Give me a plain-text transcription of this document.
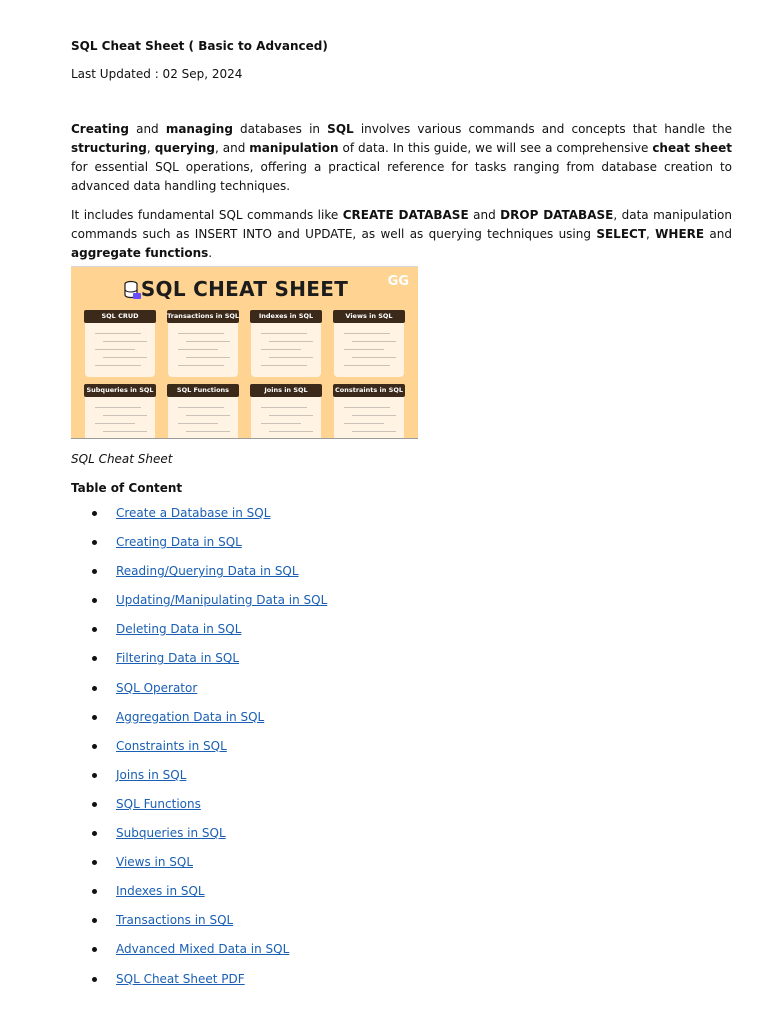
SQL Cheat Sheet ( Basic to Advanced)
Last Updated : 02 Sep, 2024

Creating and managing databases in SQL involves various commands and concepts that handle the structuring, querying, and manipulation of data. In this guide, we will see a comprehensive cheat sheet for essential SQL operations, offering a practical reference for tasks ranging from database creation to advanced data handling techniques.

It includes fundamental SQL commands like CREATE DATABASE and DROP DATABASE, data manipulation commands such as INSERT INTO and UPDATE, as well as querying techniques using SELECT, WHERE and aggregate functions.

SQL CHEAT SHEET	GG
SQL CRUD	Transactions in SQL	Indexes in SQL	Views in SQL
Subqueries in SQL	SQL Functions	Joins in SQL	Constraints in SQL
SQL Cheat Sheet
Table of Content
Create a Database in SQL
Creating Data in SQL
Reading/Querying Data in SQL
Updating/Manipulating Data in SQL
Deleting Data in SQL
Filtering Data in SQL
SQL Operator
Aggregation Data in SQL
Constraints in SQL
Joins in SQL
SQL Functions
Subqueries in SQL
Views in SQL
Indexes in SQL
Transactions in SQL
Advanced Mixed Data in SQL
SQL Cheat Sheet PDF
